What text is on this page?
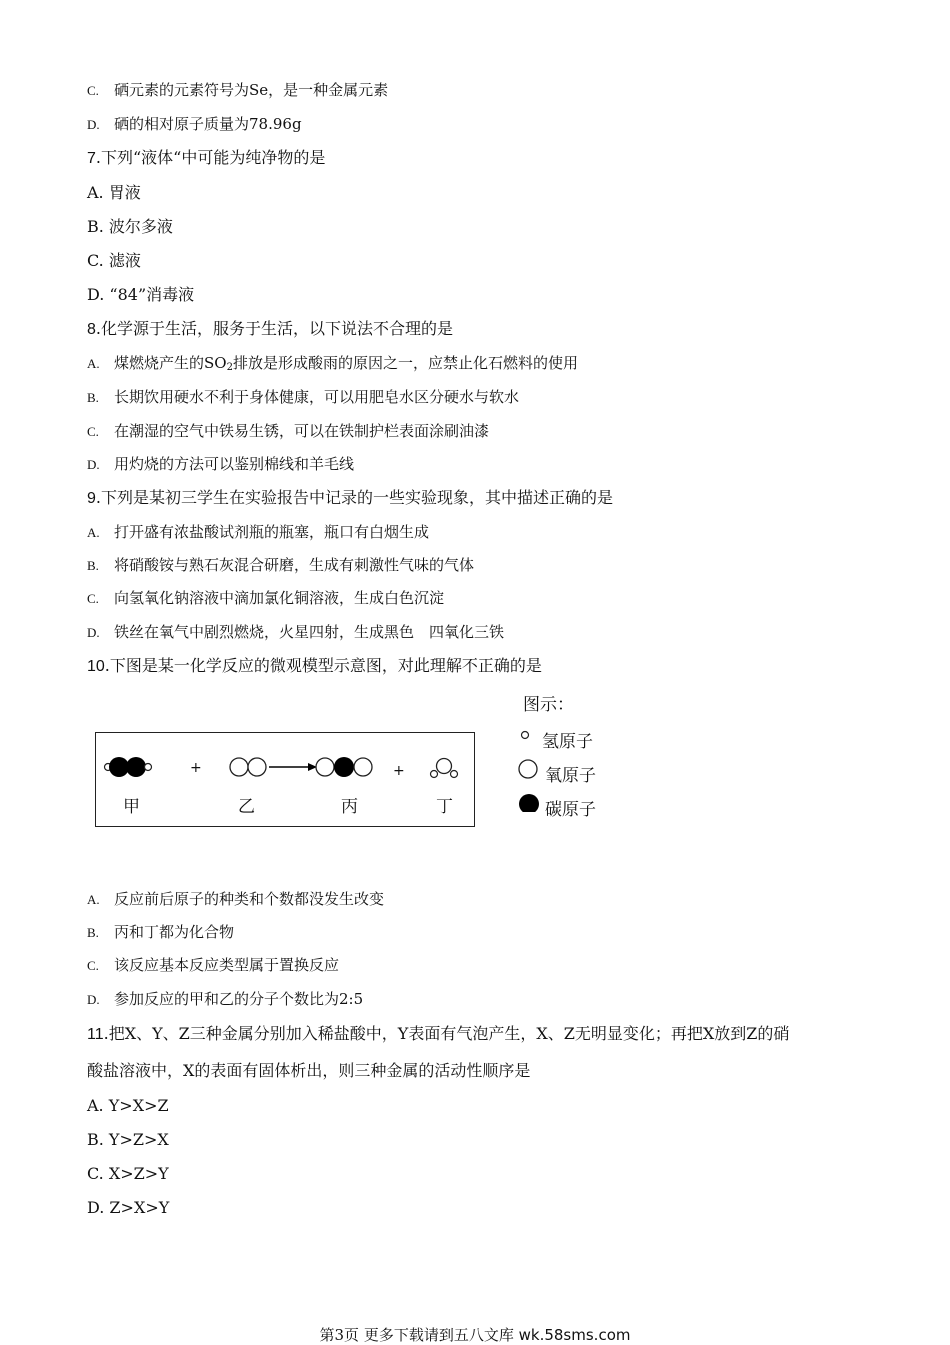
C. 硒元素的元素符号为Se，是一种金属元素
D. 硒的相对原子质量为78.96g
7.下列“液体“中可能为纯净物的是
A. 胃液
B. 波尔多液
C. 滤液
D. “84”消毒液
8.化学源于生活，服务于生活，以下说法不合理的是
A. 煤燃烧产生的$SO_2$排放是形成酸雨的原因之一，应禁止化石燃料的使用
B. 长期饮用硬水不利于身体健康，可以用肥皂水区分硬水与软水
C. 在潮湿的空气中铁易生锈，可以在铁制护栏表面涂刷油漆
D. 用灼烧的方法可以鉴别棉线和羊毛线
9.下列是某初三学生在实验报告中记录的一些实验现象，其中描述正确的是
A. 打开盛有浓盐酸试剂瓶的瓶塞，瓶口有白烟生成
B. 将硝酸铵与熟石灰混合研磨，生成有刺激性气味的气体
C. 向氢氧化钠溶液中滴加氯化铜溶液，生成白色沉淀
D. 铁丝在氧气中剧烈燃烧，火星四射，生成黑色　四氧化三铁
10.下图是某一化学反应的微观模型示意图，对此理解不正确的是
+	+
甲	乙	丙	丁
图示：
氢原子
氧原子
碳原子
A. 反应前后原子的种类和个数都没发生改变
B. 丙和丁都为化合物
C. 该反应基本反应类型属于置换反应
D. 参加反应的甲和乙的分子个数比为2:5
11.把X、Y、Z三种金属分别加入稀盐酸中，Y表面有气泡产生，X、Z无明显变化；再把X放到Z的硝
酸盐溶液中，X的表面有固体析出，则三种金属的活动性顺序是
A. Y>X>Z
B. Y>Z>X
C. X>Z>Y
D. Z>X>Y
第3页 更多下载请到五八文库 wk.58sms.com
